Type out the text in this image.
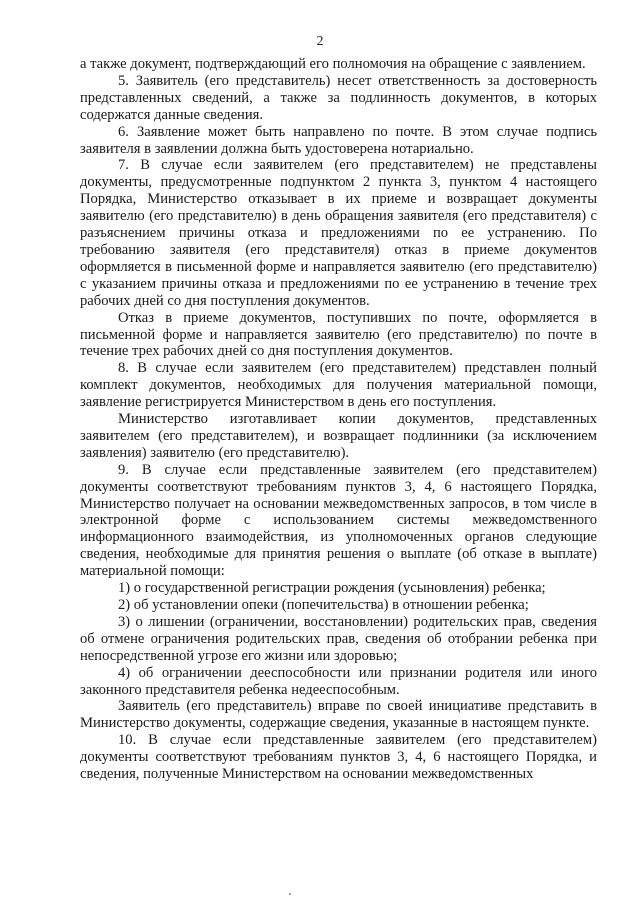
2

а также документ, подтверждающий его полномочия на обращение с заявлением.

5. Заявитель (его представитель) несет ответственность за достоверность представленных сведений, а также за подлинность документов, в которых содержатся данные сведения.

6. Заявление может быть направлено по почте. В этом случае подпись заявителя в заявлении должна быть удостоверена нотариально.

7. В случае если заявителем (его представителем) не представлены документы, предусмотренные подпунктом 2 пункта 3, пунктом 4 настоящего Порядка, Министерство отказывает в их приеме и возвращает документы заявителю (его представителю) в день обращения заявителя (его представителя) с разъяснением причины отказа и предложениями по ее устранению. По требованию заявителя (его представителя) отказ в приеме документов оформляется в письменной форме и направляется заявителю (его представителю) с указанием причины отказа и предложениями по ее устранению в течение трех рабочих дней со дня поступления документов.

Отказ в приеме документов, поступивших по почте, оформляется в письменной форме и направляется заявителю (его представителю) по почте в течение трех рабочих дней со дня поступления документов.

8. В случае если заявителем (его представителем) представлен полный комплект документов, необходимых для получения материальной помощи, заявление регистрируется Министерством в день его поступления.

Министерство изготавливает копии документов, представленных заявителем (его представителем), и возвращает подлинники (за исключением заявления) заявителю (его представителю).

9. В случае если представленные заявителем (его представителем) документы соответствуют требованиям пунктов 3, 4, 6 настоящего Порядка, Министерство получает на основании межведомственных запросов, в том числе в электронной форме с использованием системы межведомственного информационного взаимодействия, из уполномоченных органов следующие сведения, необходимые для принятия решения о выплате (об отказе в выплате) материальной помощи:

1) о государственной регистрации рождения (усыновления) ребенка;

2) об установлении опеки (попечительства) в отношении ребенка;

3) о лишении (ограничении, восстановлении) родительских прав, сведения об отмене ограничения родительских прав, сведения об отобрании ребенка при непосредственной угрозе его жизни или здоровью;

4) об ограничении дееспособности или признании родителя или иного законного представителя ребенка недееспособным.

Заявитель (его представитель) вправе по своей инициативе представить в Министерство документы, содержащие сведения, указанные в настоящем пункте.

10. В случае если представленные заявителем (его представителем) документы соответствуют требованиям пунктов 3, 4, 6 настоящего Порядка, и сведения, полученные Министерством на основании межведомственных
